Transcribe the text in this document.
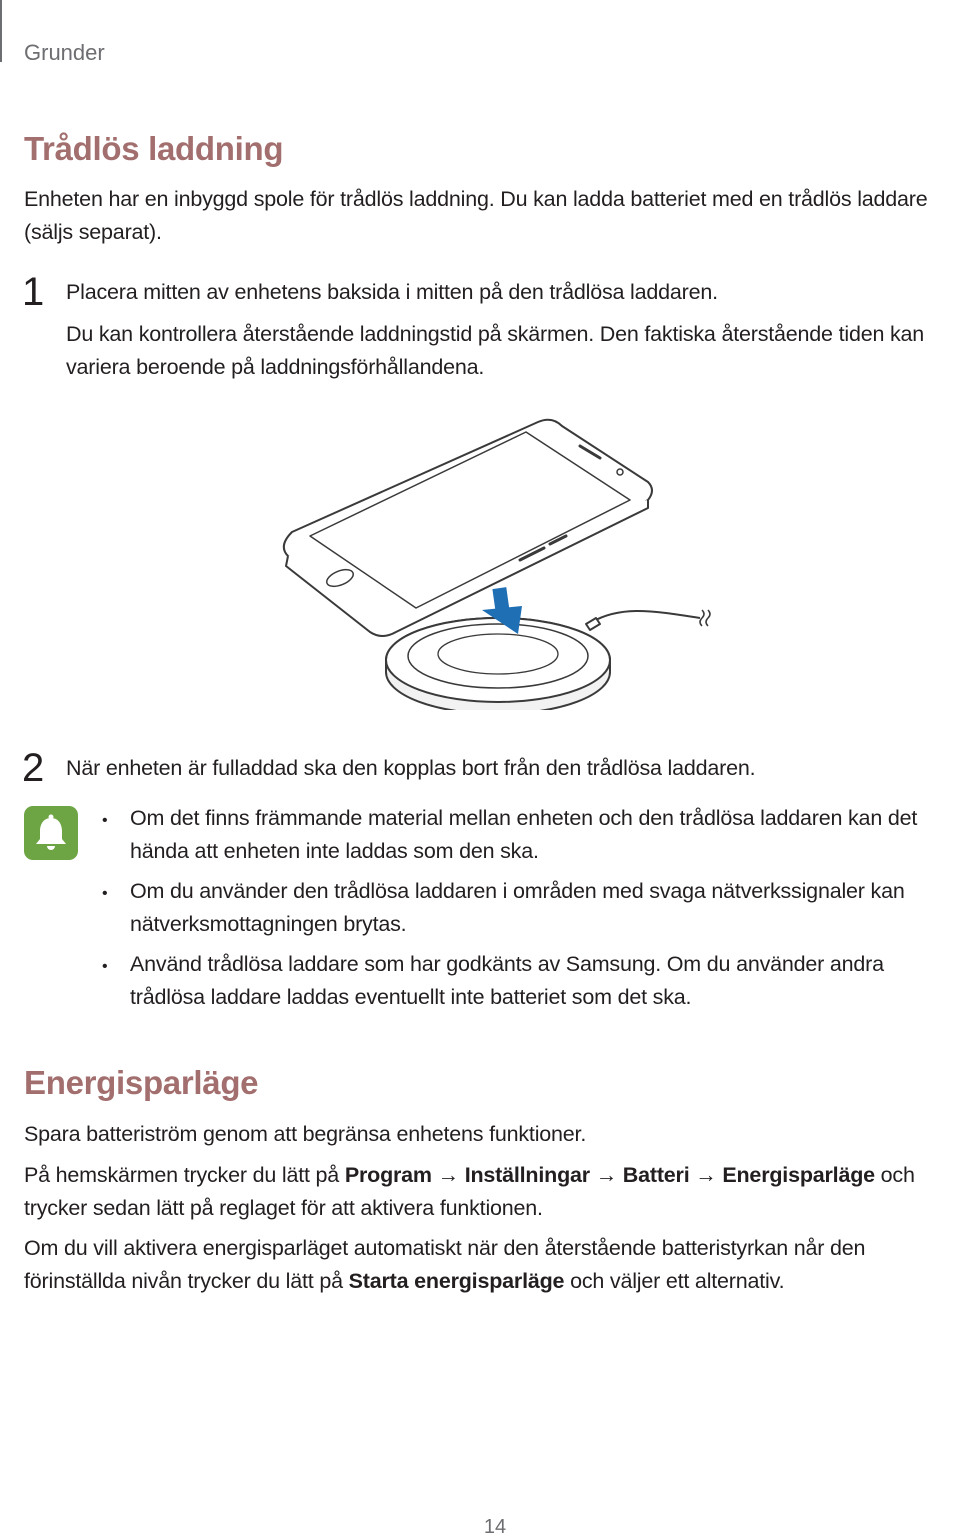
Grunder
Trådlös laddning
Enheten har en inbyggd spole för trådlös laddning. Du kan ladda batteriet med en trådlös laddare (säljs separat).
1 Placera mitten av enhetens baksida i mitten på den trådlösa laddaren.
Du kan kontrollera återstående laddningstid på skärmen. Den faktiska återstående tiden kan variera beroende på laddningsförhållandena.
2 När enheten är fulladdad ska den kopplas bort från den trådlösa laddaren.
• Om det finns främmande material mellan enheten och den trådlösa laddaren kan det hända att enheten inte laddas som den ska.
• Om du använder den trådlösa laddaren i områden med svaga nätverkssignaler kan nätverksmottagningen brytas.
• Använd trådlösa laddare som har godkänts av Samsung. Om du använder andra trådlösa laddare laddas eventuellt inte batteriet som det ska.
Energisparläge
Spara batteriström genom att begränsa enhetens funktioner.
På hemskärmen trycker du lätt på Program → Inställningar → Batteri → Energisparläge och trycker sedan lätt på reglaget för att aktivera funktionen.
Om du vill aktivera energisparläget automatiskt när den återstående batteristyrkan når den förinställda nivån trycker du lätt på Starta energisparläge och väljer ett alternativ.
14
